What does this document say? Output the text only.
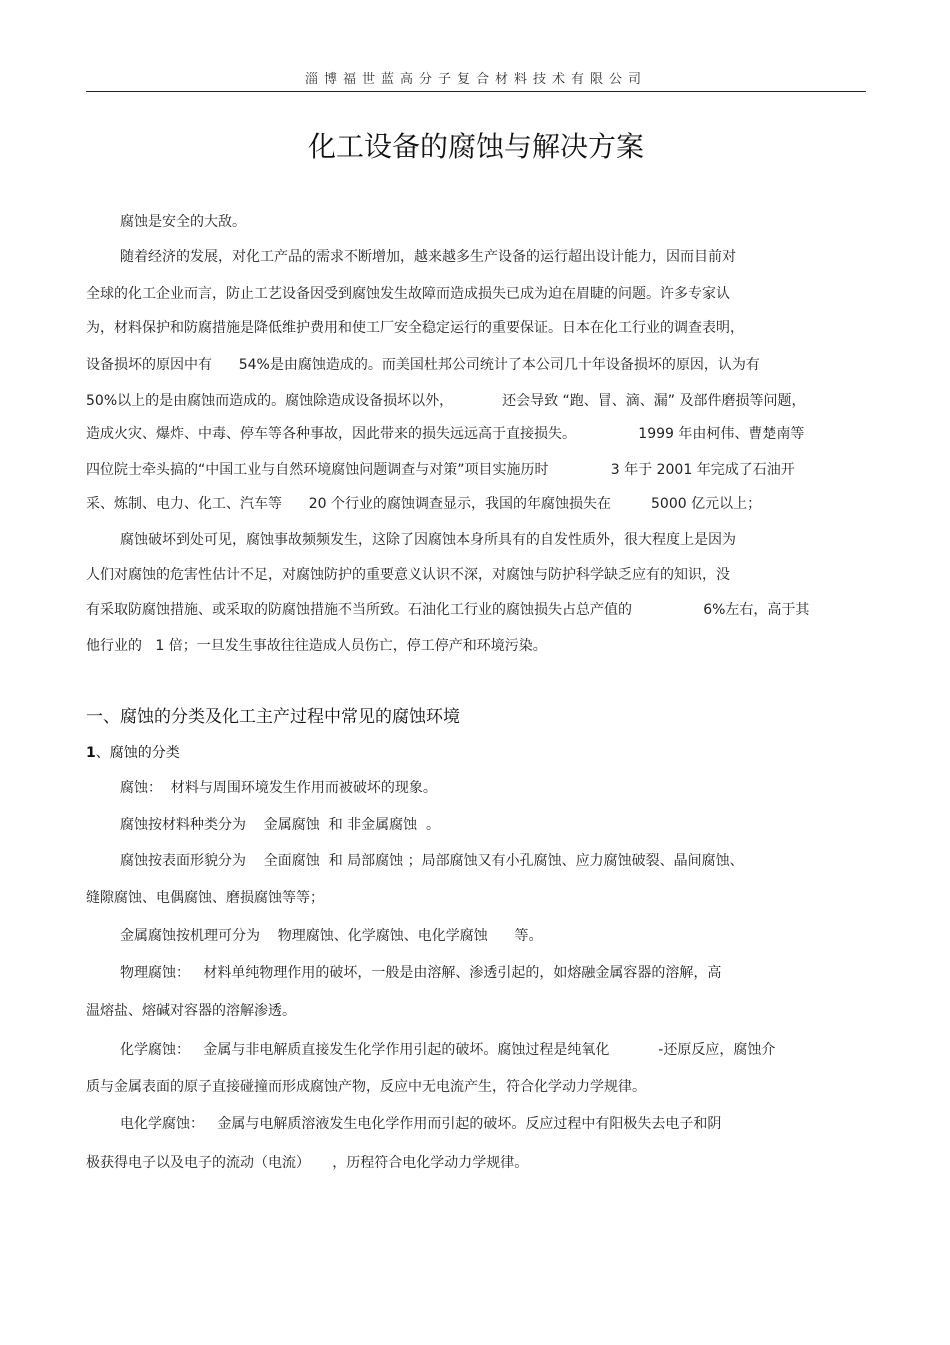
淄博福世蓝高分子复合材料技术有限公司
化工设备的腐蚀与解决方案
腐蚀是安全的大敌。
随着经济的发展，对化工产品的需求不断增加，越来越多生产设备的运行超出设计能力，因而目前对
全球的化工企业而言，防止工艺设备因受到腐蚀发生故障而造成损失已成为迫在眉睫的问题。许多专家认
为，材料保护和防腐措施是降低维护费用和使工厂安全稳定运行的重要保证。日本在化工行业的调查表明，
设备损坏的原因中有      54%是由腐蚀造成的。而美国杜邦公司统计了本公司几十年设备损坏的原因，认为有
50%以上的是由腐蚀而造成的。腐蚀除造成设备损坏以外，           还会导致 “跑、冒、滴、漏” 及部件磨损等问题，
造成火灾、爆炸、中毒、停车等各种事故，因此带来的损失远远高于直接损失。              1999 年由柯伟、曹楚南等
四位院士牵头搞的“中国工业与自然环境腐蚀问题调查与对策”项目实施历时              3 年于 2001 年完成了石油开
采、炼制、电力、化工、汽车等      20 个行业的腐蚀调查显示，我国的年腐蚀损失在         5000 亿元以上；
腐蚀破坏到处可见，腐蚀事故频频发生，这除了因腐蚀本身所具有的自发性质外，很大程度上是因为
人们对腐蚀的危害性估计不足，对腐蚀防护的重要意义认识不深，对腐蚀与防护科学缺乏应有的知识，没
有采取防腐蚀措施、或采取的防腐蚀措施不当所致。石油化工行业的腐蚀损失占总产值的                6%左右，高于其
他行业的   1 倍；一旦发生事故往往造成人员伤亡，停工停产和环境污染。
一、腐蚀的分类及化工主产过程中常见的腐蚀环境
1、腐蚀的分类
腐蚀：  材料与周围环境发生作用而被破坏的现象。
腐蚀按材料种类分为    金属腐蚀  和 非金属腐蚀  。
腐蚀按表面形貌分为    全面腐蚀  和 局部腐蚀 ；局部腐蚀又有小孔腐蚀、应力腐蚀破裂、晶间腐蚀、
缝隙腐蚀、电偶腐蚀、磨损腐蚀等等；
金属腐蚀按机理可分为    物理腐蚀、化学腐蚀、电化学腐蚀      等。
物理腐蚀：   材料单纯物理作用的破坏，一般是由溶解、渗透引起的，如熔融金属容器的溶解，高
温熔盐、熔碱对容器的溶解渗透。
化学腐蚀：   金属与非电解质直接发生化学作用引起的破坏。腐蚀过程是纯氧化           -还原反应，腐蚀介
质与金属表面的原子直接碰撞而形成腐蚀产物，反应中无电流产生，符合化学动力学规律。
电化学腐蚀：   金属与电解质溶液发生电化学作用而引起的破坏。反应过程中有阳极失去电子和阴
极获得电子以及电子的流动（电流）     ，历程符合电化学动力学规律。
